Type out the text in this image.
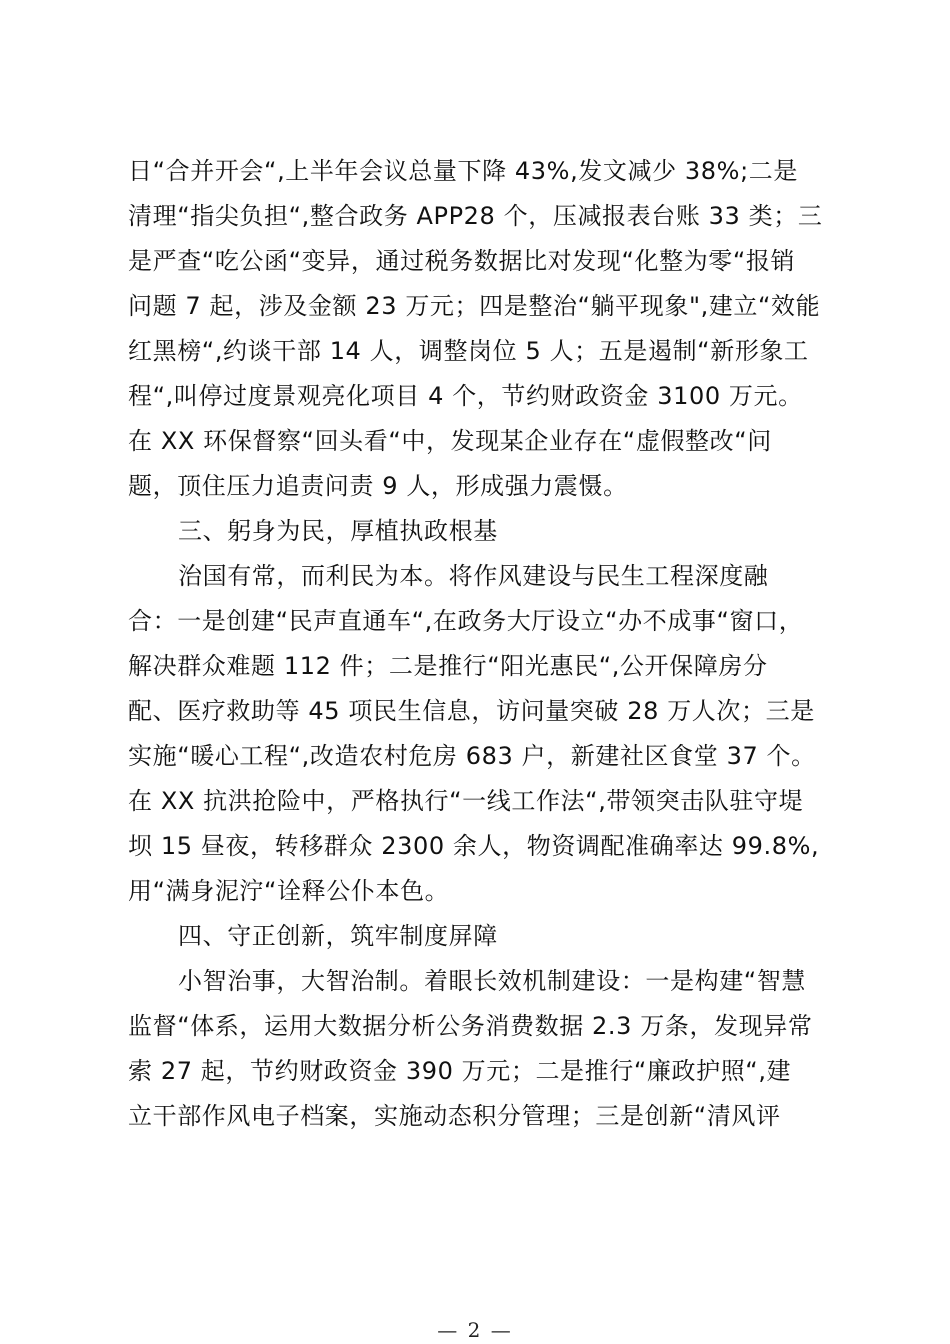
日“合并开会“,上半年会议总量下降 43%,发文减少 38%;二是
清理“指尖负担“,整合政务 APP28 个，压减报表台账 33 类；三
是严查“吃公函“变异，通过税务数据比对发现“化整为零“报销
问题 7 起，涉及金额 23 万元；四是整治“躺平现象",建立“效能
红黑榜“,约谈干部 14 人，调整岗位 5 人；五是遏制“新形象工
程“,叫停过度景观亮化项目 4 个，节约财政资金 3100 万元。
在 XX 环保督察“回头看“中，发现某企业存在“虚假整改“问
题，顶住压力追责问责 9 人，形成强力震慑。
三、躬身为民，厚植执政根基
治国有常，而利民为本。将作风建设与民生工程深度融
合：一是创建“民声直通车“,在政务大厅设立“办不成事“窗口，
解决群众难题 112 件；二是推行“阳光惠民“,公开保障房分
配、医疗救助等 45 项民生信息，访问量突破 28 万人次；三是
实施“暖心工程“,改造农村危房 683 户，新建社区食堂 37 个。
在 XX 抗洪抢险中，严格执行“一线工作法“,带领突击队驻守堤
坝 15 昼夜，转移群众 2300 余人，物资调配准确率达 99.8%,
用“满身泥泞“诠释公仆本色。
四、守正创新，筑牢制度屏障
小智治事，大智治制。着眼长效机制建设：一是构建“智慧
监督“体系，运用大数据分析公务消费数据 2.3 万条，发现异常
索 27 起，节约财政资金 390 万元；二是推行“廉政护照“,建
立干部作风电子档案，实施动态积分管理；三是创新“清风评
— 2 —
